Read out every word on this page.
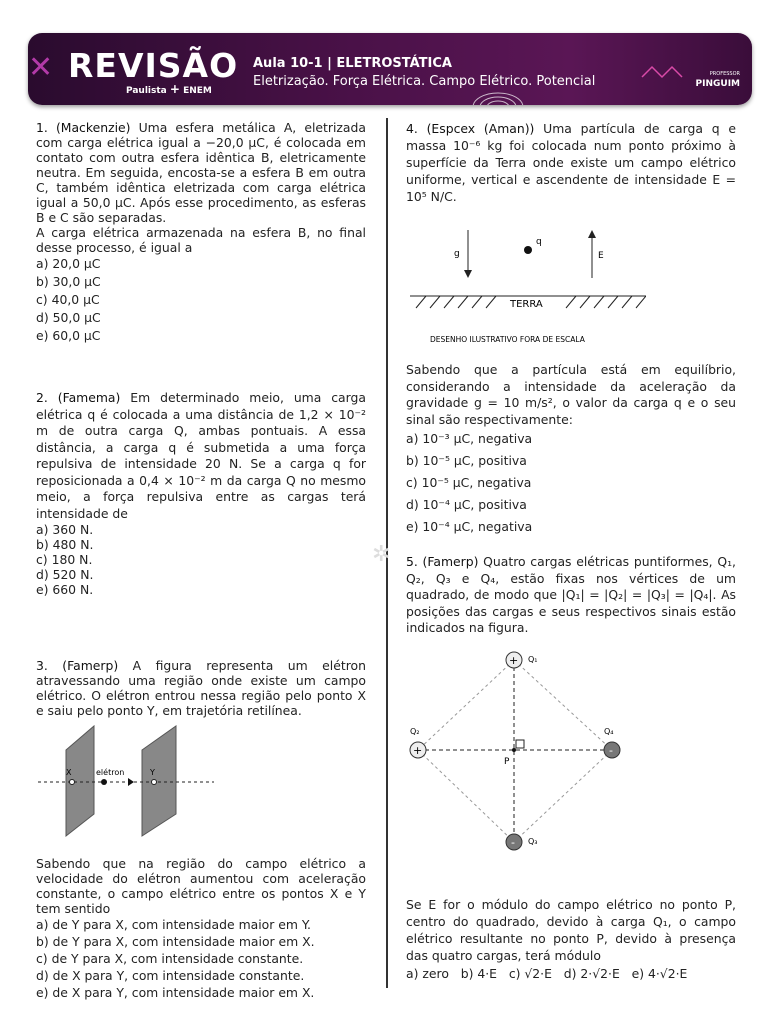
✕ REVISÃO
Paulista + ENEM
Aula 10-1 | ELETROSTÁTICA
Eletrização. Força Elétrica. Campo Elétrico. Potencial	PROFESSOR
PINGUIM
✲

1. (Mackenzie) Uma esfera metálica A, eletrizada com carga elétrica igual a −20,0 μC, é colocada em contato com outra esfera idêntica B, eletricamente neutra. Em seguida, encosta-se a esfera B em outra C, também idêntica eletrizada com carga elétrica igual a 50,0 μC. Após esse procedimento, as esferas B e C são separadas.

A carga elétrica armazenada na esfera B, no final desse processo, é igual a

a) 20,0 μC
b) 30,0 μC
c) 40,0 μC
d) 50,0 μC
e) 60,0 μC

2. (Famema) Em determinado meio, uma carga elétrica q é colocada a uma distância de 1,2 × 10⁻² m de outra carga Q, ambas pontuais. A essa distância, a carga q é submetida a uma força repulsiva de intensidade 20 N. Se a carga q for reposicionada a 0,4 × 10⁻² m da carga Q no mesmo meio, a força repulsiva entre as cargas terá intensidade de

a) 360 N.
b) 480 N.
c) 180 N.
d) 520 N.
e) 660 N.

3. (Famerp) A figura representa um elétron atravessando uma região onde existe um campo elétrico. O elétron entrou nessa região pelo ponto X e saiu pelo ponto Y, em trajetória retilínea.

X	Y
elétron

Sabendo que na região do campo elétrico a velocidade do elétron aumentou com aceleração constante, o campo elétrico entre os pontos X e Y tem sentido

a) de Y para X, com intensidade maior em Y.
b) de Y para X, com intensidade maior em X.
c) de Y para X, com intensidade constante.
d) de X para Y, com intensidade constante.
e) de X para Y, com intensidade maior em X.

4. (Espcex (Aman)) Uma partícula de carga q e massa 10⁻⁶ kg foi colocada num ponto próximo à superfície da Terra onde existe um campo elétrico uniforme, vertical e ascendente de intensidade E = 10⁵ N/C.

g
q
E
TERRA
DESENHO ILUSTRATIVO FORA DE ESCALA

Sabendo que a partícula está em equilíbrio, considerando a intensidade da aceleração da gravidade g = 10 m/s², o valor da carga q e o seu sinal são respectivamente:

a) 10⁻³ μC, negativa
b) 10⁻⁵ μC, positiva
c) 10⁻⁵ μC, negativa
d) 10⁻⁴ μC, positiva
e) 10⁻⁴ μC, negativa

5. (Famerp) Quatro cargas elétricas puntiformes, Q₁, Q₂, Q₃ e Q₄, estão fixas nos vértices de um quadrado, de modo que |Q₁| = |Q₂| = |Q₃| = |Q₄|. As posições das cargas e seus respectivos sinais estão indicados na figura.

+
+	-
-
Q₁
Q₂	Q₄
Q₃
P

Se E for o módulo do campo elétrico no ponto P, centro do quadrado, devido à carga Q₁, o campo elétrico resultante no ponto P, devido à presença das quatro cargas, terá módulo

a) zero   b) 4·E   c) √2·E   d) 2·√2·E   e) 4·√2·E
